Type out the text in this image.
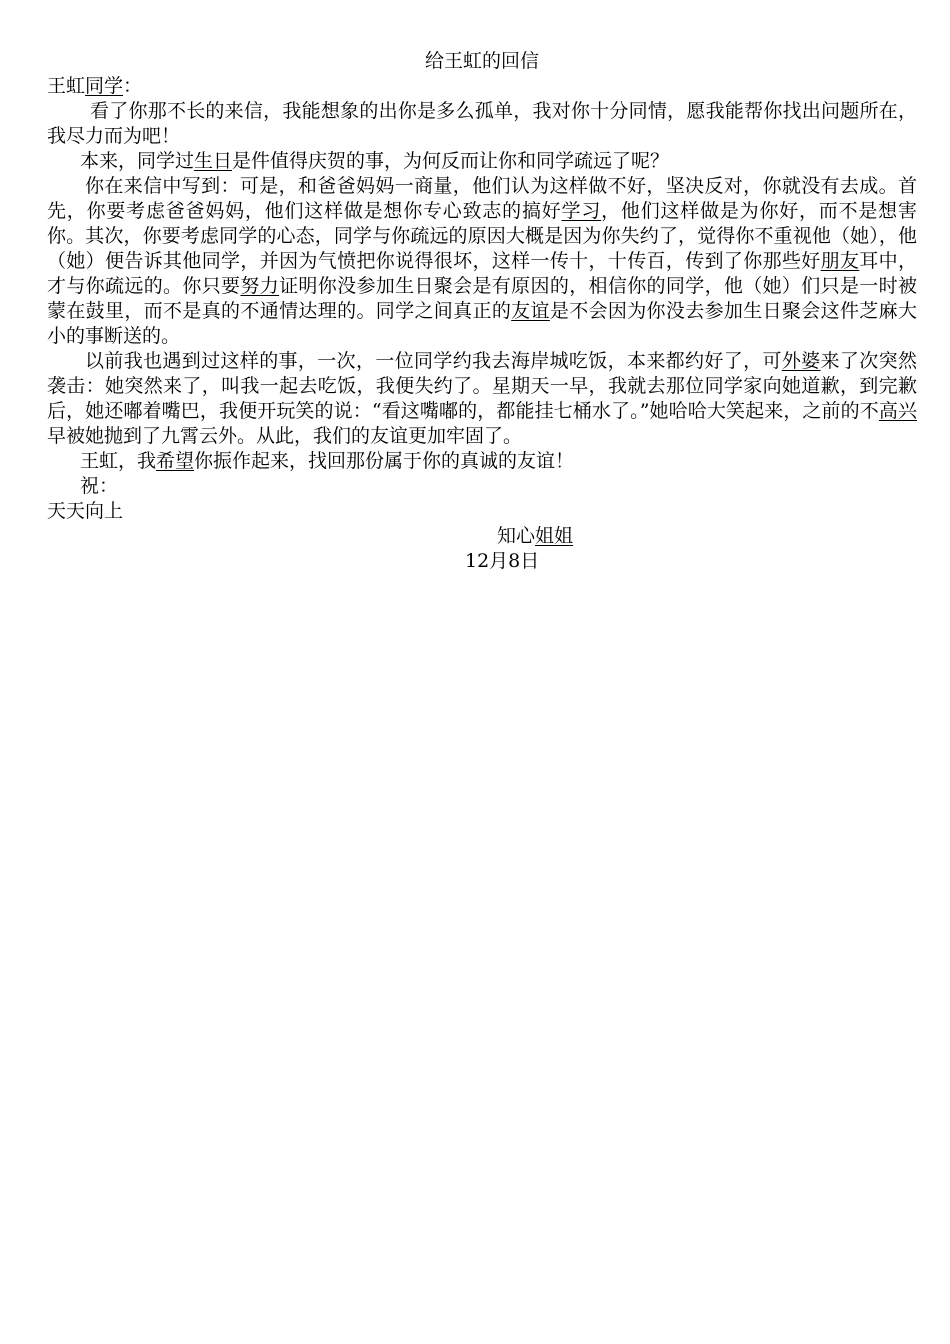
给王虹的回信

王虹同学：

看了你那不长的来信，我能想象的出你是多么孤单，我对你十分同情，愿我能帮你找出问题所在，我尽力而为吧！

本来，同学过生日是件值得庆贺的事，为何反而让你和同学疏远了呢？

你在来信中写到：可是，和爸爸妈妈一商量，他们认为这样做不好，坚决反对，你就没有去成。首先，你要考虑爸爸妈妈，他们这样做是想你专心致志的搞好学习，他们这样做是为你好，而不是想害你。其次，你要考虑同学的心态，同学与你疏远的原因大概是因为你失约了，觉得你不重视他（她），他（她）便告诉其他同学，并因为气愤把你说得很坏，这样一传十，十传百，传到了你那些好朋友耳中，才与你疏远的。你只要努力证明你没参加生日聚会是有原因的，相信你的同学，他（她）们只是一时被蒙在鼓里，而不是真的不通情达理的。同学之间真正的友谊是不会因为你没去参加生日聚会这件芝麻大小的事断送的。

以前我也遇到过这样的事，一次，一位同学约我去海岸城吃饭，本来都约好了，可外婆来了次突然袭击：她突然来了，叫我一起去吃饭，我便失约了。星期天一早，我就去那位同学家向她道歉，到完歉后，她还嘟着嘴巴，我便开玩笑的说：“看这嘴嘟的，都能挂七桶水了。”她哈哈大笑起来，之前的不高兴早被她抛到了九霄云外。从此，我们的友谊更加牢固了。

王虹，我希望你振作起来，找回那份属于你的真诚的友谊！

祝：

天天向上

知心姐姐

12月8日
